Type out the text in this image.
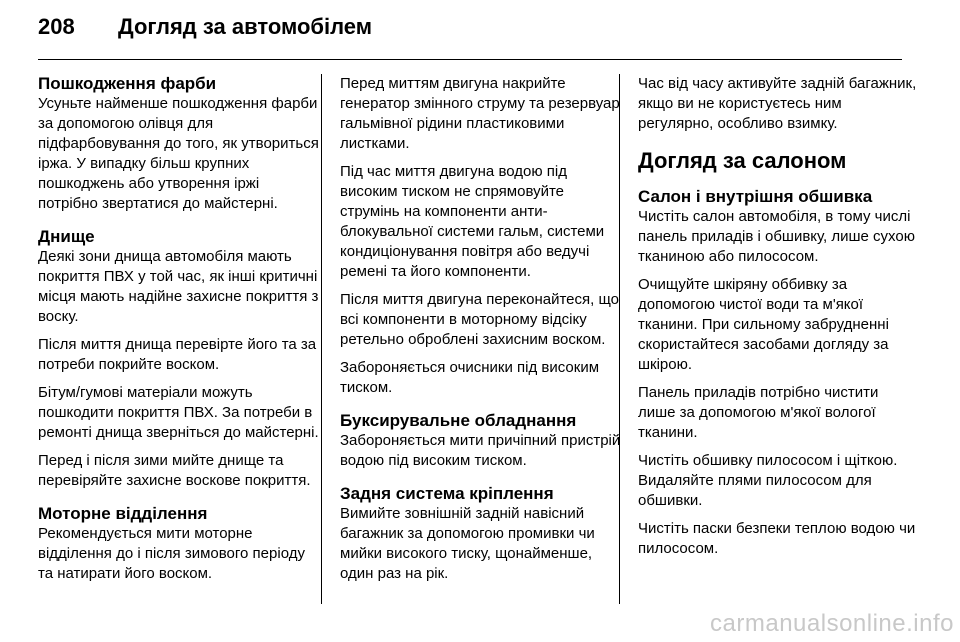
208	Догляд за автомобілем
Пошкодження фарби

Усуньте найменше пошкодження фарби за допомогою олівця для підфарбовування до того, як утвориться іржа. У випадку більш крупних пошкоджень або утворення іржі потрібно звертатися до майстерні.

Днище

Деякі зони днища автомобіля мають покриття ПВХ у той час, як інші критичні місця мають надійне захисне покриття з воску.

Після миття днища перевірте його та за потреби покрийте воском.

Бітум/гумові матеріали можуть пошкодити покриття ПВХ. За потреби в ремонті днища зверніться до майстерні.

Перед і після зими мийте днище та перевіряйте захисне воскове покриття.

Моторне відділення

Рекомендується мити моторне відділення до і після зимового періоду та натирати його воском.

Перед миттям двигуна накрийте генератор змінного струму та резервуар гальмівної рідини пластиковими листками.

Під час миття двигуна водою під високим тиском не спрямовуйте струмінь на компоненти анти-блокувальної системи гальм, системи кондиціонування повітря або ведучі ремені та його компоненти.

Після миття двигуна переконайтеся, що всі компоненти в моторному відсіку ретельно оброблені захисним воском.

Забороняється очисники під високим тиском.

Буксирувальне обладнання

Забороняється мити причіпний пристрій водою під високим тиском.

Задня система кріплення

Вимийте зовнішній задній навісний багажник за допомогою промивки чи мийки високого тиску, щонайменше, один раз на рік.

Час від часу активуйте задній багажник, якщо ви не користуєтесь ним регулярно, особливо взимку.

Догляд за салоном
Салон і внутрішня обшивка

Чистіть салон автомобіля, в тому числі панель приладів і обшивку, лише сухою тканиною або пилососом.

Очищуйте шкіряну оббивку за допомогою чистої води та м'якої тканини. При сильному забрудненні скористайтеся засобами догляду за шкірою.

Панель приладів потрібно чистити лише за допомогою м'якої вологої тканини.

Чистіть обшивку пилососом і щіткою. Видаляйте плями пилососом для обшивки.

Чистіть паски безпеки теплою водою чи пилососом.

carmanualsonline.info
